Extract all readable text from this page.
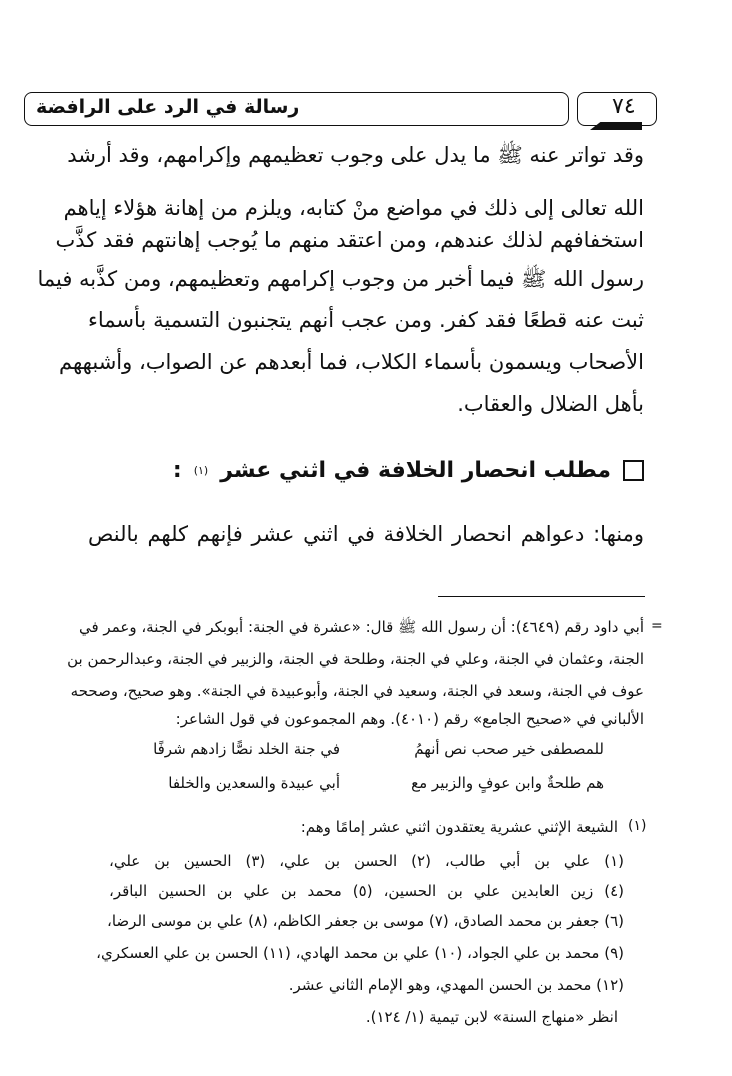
رسالة في الرد على الرافضة	٧٤
وقد تواتر عنه ﷺ ما يدل على وجوب تعظيمهم وإكرامهم، وقد أرشد
الله تعالى إلى ذلك في مواضع منْ كتابه، ويلزم من إهانة هؤلاء إياهم
استخفافهم لذلك عندهم، ومن اعتقد منهم ما يُوجب إهانتهم فقد كذَّب
رسول الله ﷺ فيما أخبر من وجوب إكرامهم وتعظيمهم، ومن كذَّبه فيما
ثبت عنه قطعًا فقد كفر. ومن عجب أنهم يتجنبون التسمية بأسماء
الأصحاب ويسمون بأسماء الكلاب، فما أبعدهم عن الصواب، وأشبههم
بأهل الضلال والعقاب.
مطلب انحصار الخلافة في اثني عشر
(١)
:
ومنها: دعواهم انحصار الخلافة في اثني عشر فإنهم كلهم بالنص
=
أبي داود رقم (٤٦٤٩): أن رسول الله ﷺ قال: «عشرة في الجنة: أبوبكر في الجنة، وعمر في
الجنة، وعثمان في الجنة، وعلي في الجنة، وطلحة في الجنة، والزبير في الجنة، وعبدالرحمن بن
عوف في الجنة، وسعد في الجنة، وسعيد في الجنة، وأبوعبيدة في الجنة». وهو صحيح، وصححه
الألباني في «صحيح الجامع» رقم (٤٠١٠). وهم المجموعون في قول الشاعر:
للمصطفى خير صحب نص أنهمُ
في جنة الخلد نصًّا زادهم شرفًا
هم طلحةٌ وابن عوفٍ والزبير مع
أبي عبيدة والسعدين والخلفا
(١)
الشيعة الإثني عشرية يعتقدون اثني عشر إمامًا وهم:
(١) علي بن أبي طالب، (٢) الحسن بن علي، (٣) الحسين بن علي،
(٤) زين العابدين علي بن الحسين، (٥) محمد بن علي بن الحسين الباقر،
(٦) جعفر بن محمد الصادق، (٧) موسى بن جعفر الكاظم، (٨) علي بن موسى الرضا،
(٩) محمد بن علي الجواد، (١٠) علي بن محمد الهادي، (١١) الحسن بن علي العسكري،
(١٢) محمد بن الحسن المهدي، وهو الإمام الثاني عشر.
انظر «منهاج السنة» لابن تيمية (١/ ١٢٤).
